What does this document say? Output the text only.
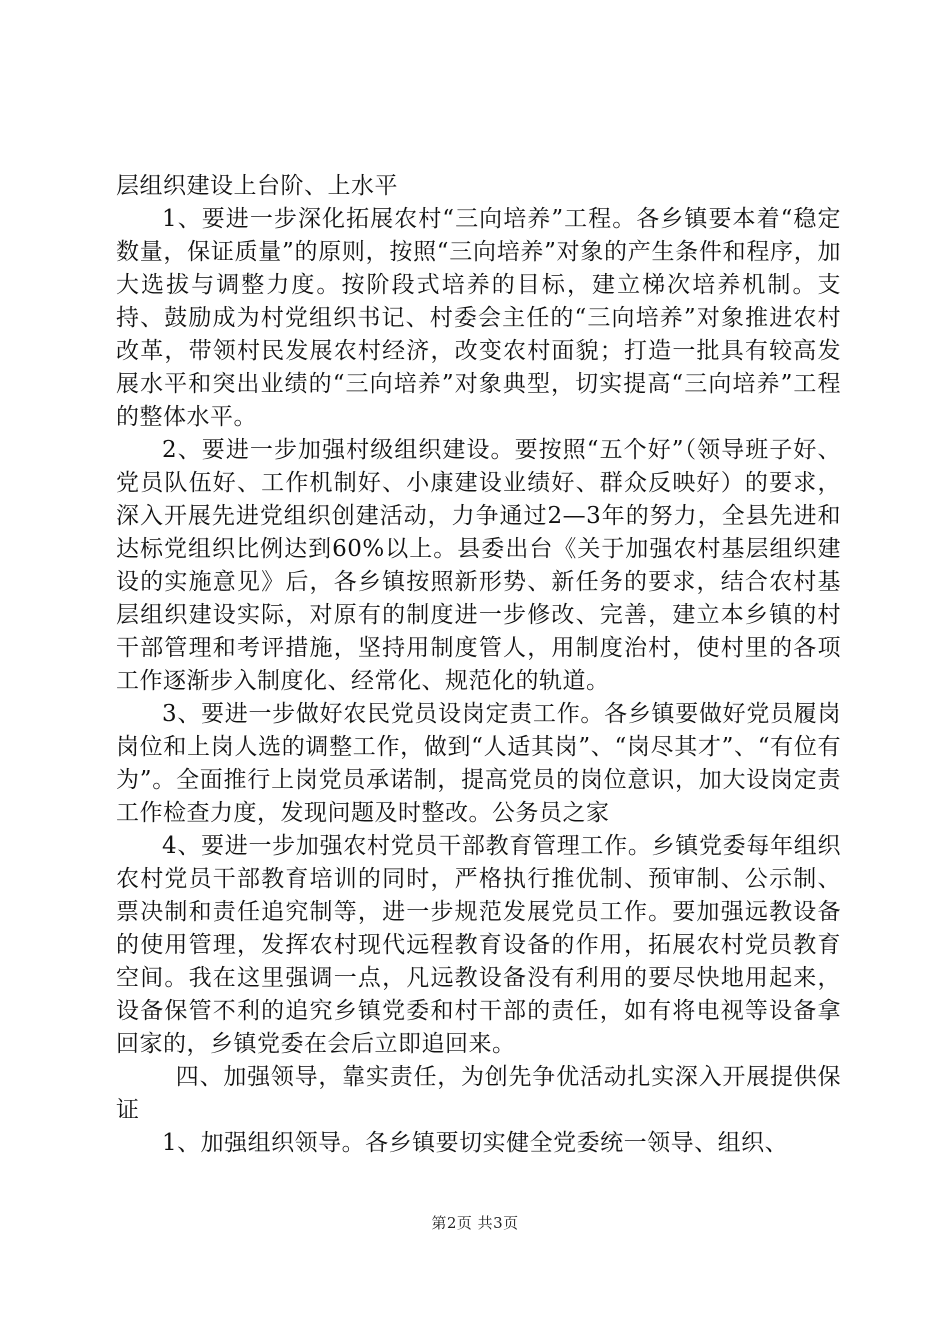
层组织建设上台阶、上水平

1、要进一步深化拓展农村“三向培养”工程。各乡镇要本着“稳定数量，保证质量”的原则，按照“三向培养”对象的产生条件和程序，加大选拔与调整力度。按阶段式培养的目标，建立梯次培养机制。支持、鼓励成为村党组织书记、村委会主任的“三向培养”对象推进农村改革，带领村民发展农村经济，改变农村面貌；打造一批具有较高发展水平和突出业绩的“三向培养”对象典型，切实提高“三向培养”工程的整体水平。

2、要进一步加强村级组织建设。要按照“五个好”（领导班子好、党员队伍好、工作机制好、小康建设业绩好、群众反映好）的要求，深入开展先进党组织创建活动，力争通过2—3年的努力，全县先进和达标党组织比例达到60%以上。县委出台《关于加强农村基层组织建设的实施意见》后，各乡镇按照新形势、新任务的要求，结合农村基层组织建设实际，对原有的制度进一步修改、完善，建立本乡镇的村干部管理和考评措施，坚持用制度管人，用制度治村，使村里的各项工作逐渐步入制度化、经常化、规范化的轨道。

3、要进一步做好农民党员设岗定责工作。各乡镇要做好党员履岗岗位和上岗人选的调整工作，做到“人适其岗”、“岗尽其才”、“有位有为”。全面推行上岗党员承诺制，提高党员的岗位意识，加大设岗定责工作检查力度，发现问题及时整改。公务员之家

4、要进一步加强农村党员干部教育管理工作。乡镇党委每年组织农村党员干部教育培训的同时，严格执行推优制、预审制、公示制、票决制和责任追究制等，进一步规范发展党员工作。要加强远教设备的使用管理，发挥农村现代远程教育设备的作用，拓展农村党员教育空间。我在这里强调一点，凡远教设备没有利用的要尽快地用起来，设备保管不利的追究乡镇党委和村干部的责任，如有将电视等设备拿回家的，乡镇党委在会后立即追回来。

四、加强领导，靠实责任，为创先争优活动扎实深入开展提供保证

1、加强组织领导。各乡镇要切实健全党委统一领导、组织、

第2页 共3页
